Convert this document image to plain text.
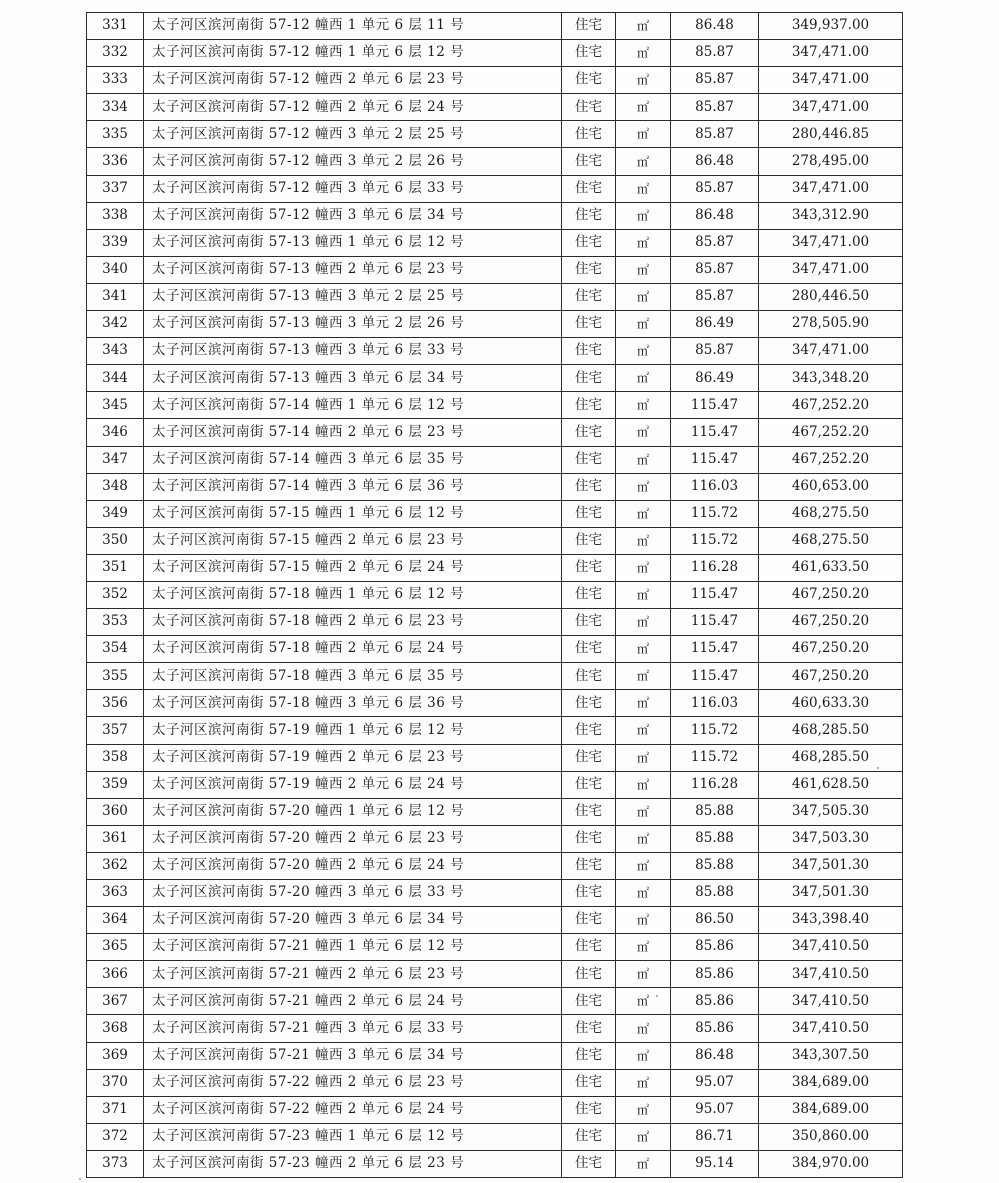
331	太子河区滨河南街 57-12 幢西 1 单元 6 层 11 号	住宅	㎡	86.48	349,937.00
332	太子河区滨河南街 57-12 幢西 1 单元 6 层 12 号	住宅	㎡	85.87	347,471.00
333	太子河区滨河南街 57-12 幢西 2 单元 6 层 23 号	住宅	㎡	85.87	347,471.00
334	太子河区滨河南街 57-12 幢西 2 单元 6 层 24 号	住宅	㎡	85.87	347,471.00
335	太子河区滨河南街 57-12 幢西 3 单元 2 层 25 号	住宅	㎡	85.87	280,446.85
336	太子河区滨河南街 57-12 幢西 3 单元 2 层 26 号	住宅	㎡	86.48	278,495.00
337	太子河区滨河南街 57-12 幢西 3 单元 6 层 33 号	住宅	㎡	85.87	347,471.00
338	太子河区滨河南街 57-12 幢西 3 单元 6 层 34 号	住宅	㎡	86.48	343,312.90
339	太子河区滨河南街 57-13 幢西 1 单元 6 层 12 号	住宅	㎡	85.87	347,471.00
340	太子河区滨河南街 57-13 幢西 2 单元 6 层 23 号	住宅	㎡	85.87	347,471.00
341	太子河区滨河南街 57-13 幢西 3 单元 2 层 25 号	住宅	㎡	85.87	280,446.50
342	太子河区滨河南街 57-13 幢西 3 单元 2 层 26 号	住宅	㎡	86.49	278,505.90
343	太子河区滨河南街 57-13 幢西 3 单元 6 层 33 号	住宅	㎡	85.87	347,471.00
344	太子河区滨河南街 57-13 幢西 3 单元 6 层 34 号	住宅	㎡	86.49	343,348.20
345	太子河区滨河南街 57-14 幢西 1 单元 6 层 12 号	住宅	㎡	115.47	467,252.20
346	太子河区滨河南街 57-14 幢西 2 单元 6 层 23 号	住宅	㎡	115.47	467,252.20
347	太子河区滨河南街 57-14 幢西 3 单元 6 层 35 号	住宅	㎡	115.47	467,252.20
348	太子河区滨河南街 57-14 幢西 3 单元 6 层 36 号	住宅	㎡	116.03	460,653.00
349	太子河区滨河南街 57-15 幢西 1 单元 6 层 12 号	住宅	㎡	115.72	468,275.50
350	太子河区滨河南街 57-15 幢西 2 单元 6 层 23 号	住宅	㎡	115.72	468,275.50
351	太子河区滨河南街 57-15 幢西 2 单元 6 层 24 号	住宅	㎡	116.28	461,633.50
352	太子河区滨河南街 57-18 幢西 1 单元 6 层 12 号	住宅	㎡	115.47	467,250.20
353	太子河区滨河南街 57-18 幢西 2 单元 6 层 23 号	住宅	㎡	115.47	467,250.20
354	太子河区滨河南街 57-18 幢西 2 单元 6 层 24 号	住宅	㎡	115.47	467,250.20
355	太子河区滨河南街 57-18 幢西 3 单元 6 层 35 号	住宅	㎡	115.47	467,250.20
356	太子河区滨河南街 57-18 幢西 3 单元 6 层 36 号	住宅	㎡	116.03	460,633.30
357	太子河区滨河南街 57-19 幢西 1 单元 6 层 12 号	住宅	㎡	115.72	468,285.50
358	太子河区滨河南街 57-19 幢西 2 单元 6 层 23 号	住宅	㎡	115.72	468,285.50
359	太子河区滨河南街 57-19 幢西 2 单元 6 层 24 号	住宅	㎡	116.28	461,628.50
360	太子河区滨河南街 57-20 幢西 1 单元 6 层 12 号	住宅	㎡	85.88	347,505.30
361	太子河区滨河南街 57-20 幢西 2 单元 6 层 23 号	住宅	㎡	85.88	347,503.30
362	太子河区滨河南街 57-20 幢西 2 单元 6 层 24 号	住宅	㎡	85.88	347,501.30
363	太子河区滨河南街 57-20 幢西 3 单元 6 层 33 号	住宅	㎡	85.88	347,501.30
364	太子河区滨河南街 57-20 幢西 3 单元 6 层 34 号	住宅	㎡	86.50	343,398.40
365	太子河区滨河南街 57-21 幢西 1 单元 6 层 12 号	住宅	㎡	85.86	347,410.50
366	太子河区滨河南街 57-21 幢西 2 单元 6 层 23 号	住宅	㎡	85.86	347,410.50
367	太子河区滨河南街 57-21 幢西 2 单元 6 层 24 号	住宅	㎡	85.86	347,410.50
368	太子河区滨河南街 57-21 幢西 3 单元 6 层 33 号	住宅	㎡	85.86	347,410.50
369	太子河区滨河南街 57-21 幢西 3 单元 6 层 34 号	住宅	㎡	86.48	343,307.50
370	太子河区滨河南街 57-22 幢西 2 单元 6 层 23 号	住宅	㎡	95.07	384,689.00
371	太子河区滨河南街 57-22 幢西 2 单元 6 层 24 号	住宅	㎡	95.07	384,689.00
372	太子河区滨河南街 57-23 幢西 1 单元 6 层 12 号	住宅	㎡	86.71	350,860.00
373	太子河区滨河南街 57-23 幢西 2 单元 6 层 23 号	住宅	㎡	95.14	384,970.00
